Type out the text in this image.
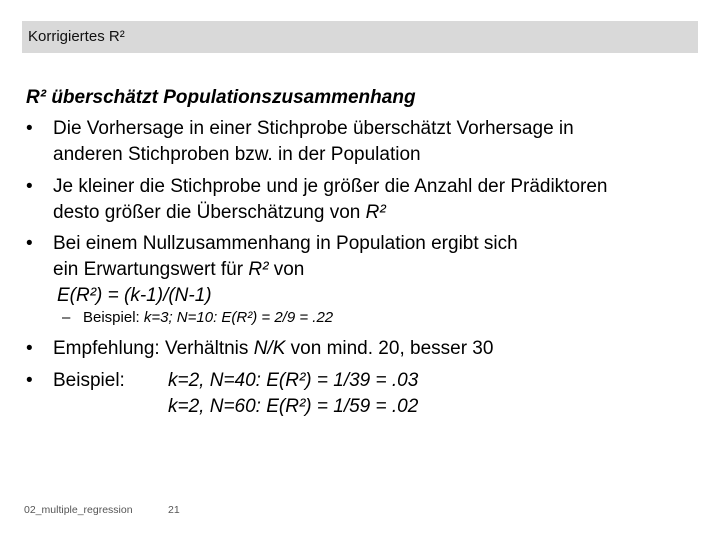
Korrigiertes R²
R² überschätzt Populationszusammenhang
• Die Vorhersage in einer Stichprobe überschätzt Vorhersage in
anderen Stichproben bzw. in der Population
• Je kleiner die Stichprobe und je größer die Anzahl der Prädiktoren
desto größer die Überschätzung von R²
• Bei einem Nullzusammenhang in Population ergibt sich
ein Erwartungswert für R² von
E(R²) = (k-1)/(N-1)
– Beispiel: k=3; N=10: E(R²) = 2/9 = .22
• Empfehlung: Verhältnis N/K von mind. 20, besser 30
• Beispiel: k=2, N=40: E(R²) = 1/39 = .03
k=2, N=60: E(R²) = 1/59 = .02
02_multiple_regression	21
